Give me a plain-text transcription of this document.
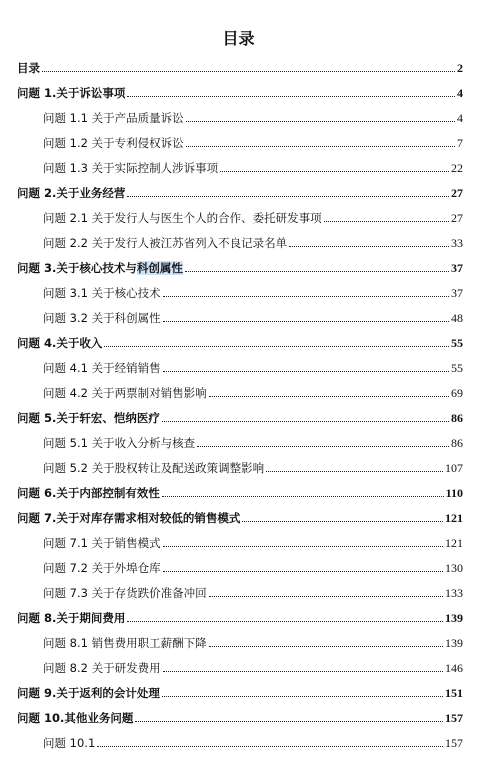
目录
目录	2
问题 1.关于诉讼事项	4
问题 1.1 关于产品质量诉讼	4
问题 1.2 关于专利侵权诉讼	7
问题 1.3 关于实际控制人涉诉事项	22
问题 2.关于业务经营	27
问题 2.1 关于发行人与医生个人的合作、委托研发事项	27
问题 2.2 关于发行人被江苏省列入不良记录名单	33
问题 3.关于核心技术与科创属性	37
问题 3.1 关于核心技术	37
问题 3.2 关于科创属性	48
问题 4.关于收入	55
问题 4.1 关于经销销售	55
问题 4.2 关于两票制对销售影响	69
问题 5.关于轩宏、恺纳医疗	86
问题 5.1 关于收入分析与核查	86
问题 5.2 关于股权转让及配送政策调整影响	107
问题 6.关于内部控制有效性	110
问题 7.关于对库存需求相对较低的销售模式	121
问题 7.1 关于销售模式	121
问题 7.2 关于外埠仓库	130
问题 7.3 关于存货跌价准备冲回	133
问题 8.关于期间费用	139
问题 8.1 销售费用职工薪酬下降	139
问题 8.2 关于研发费用	146
问题 9.关于返利的会计处理	151
问题 10.其他业务问题	157
问题 10.1	157
